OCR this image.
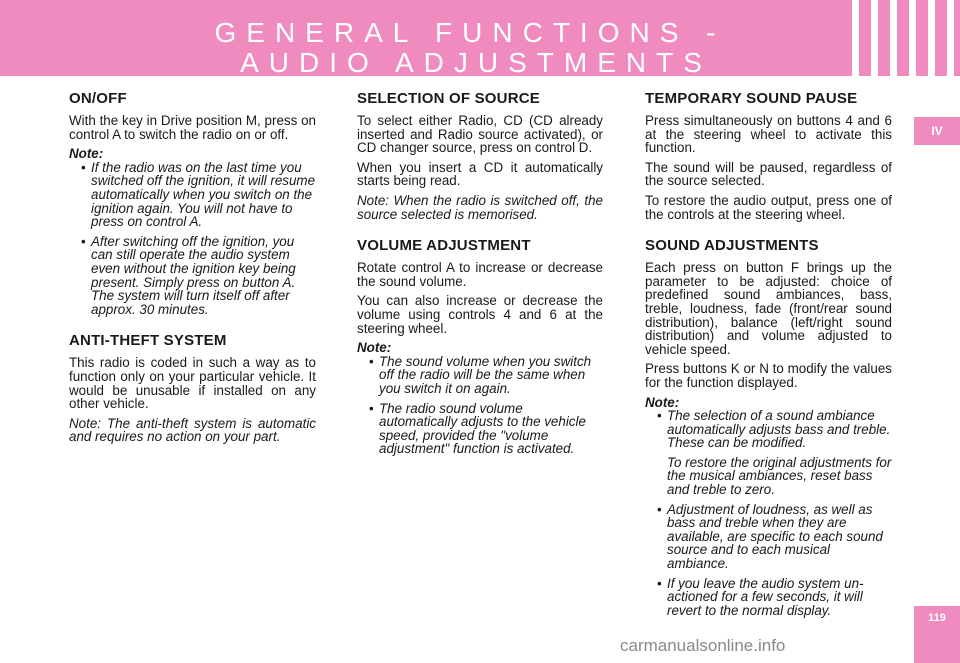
GENERAL FUNCTIONS -
AUDIO ADJUSTMENTS
IV
119
ON/OFF

With the key in Drive position M, press on control A to switch the radio on or off.

Note:
• If the radio was on the last time you switched off the ignition, it will resume automatically when you switch on the ignition again. You will not have to press on control A.
• After switching off the ignition, you can still operate the audio system even without the ignition key being present. Simply press on button A. The system will turn itself off after approx. 30 minutes.
ANTI-THEFT SYSTEM

This radio is coded in such a way as to function only on your particular vehicle. It would be unusable if installed on any other vehicle.

Note: The anti-theft system is automatic and requires no action on your part.

SELECTION OF SOURCE

To select either Radio, CD (CD already inserted and Radio source activated), or CD changer source, press on control D.

When you insert a CD it automatically starts being read.

Note: When the radio is switched off, the source selected is memorised.

VOLUME ADJUSTMENT

Rotate control A to increase or decrease the sound volume.

You can also increase or decrease the volume using controls 4 and 6 at the steering wheel.

Note:
• The sound volume when you switch off the radio will be the same when you switch it on again.
• The radio sound volume automatically adjusts to the vehicle speed, provided the "volume adjustment" function is activated.
TEMPORARY SOUND PAUSE

Press simultaneously on buttons 4 and 6 at the steering wheel to activate this function.

The sound will be paused, regardless of the source selected.

To restore the audio output, press one of the controls at the steering wheel.

SOUND ADJUSTMENTS

Each press on button F brings up the parameter to be adjusted: choice of predefined sound ambiances, bass, treble, loudness, fade (front/rear sound distribution), balance (left/right sound distribution) and volume adjusted to vehicle speed.

Press buttons K or N to modify the values for the function displayed.

Note:
• The selection of a sound ambiance automatically adjusts bass and treble. These can be modified.
To restore the original adjustments for the musical ambiances, reset bass and treble to zero.
• Adjustment of loudness, as well as bass and treble when they are available, are specific to each sound source and to each musical ambiance.
• If you leave the audio system un-actioned for a few seconds, it will revert to the normal display.
carmanualsonline.info
